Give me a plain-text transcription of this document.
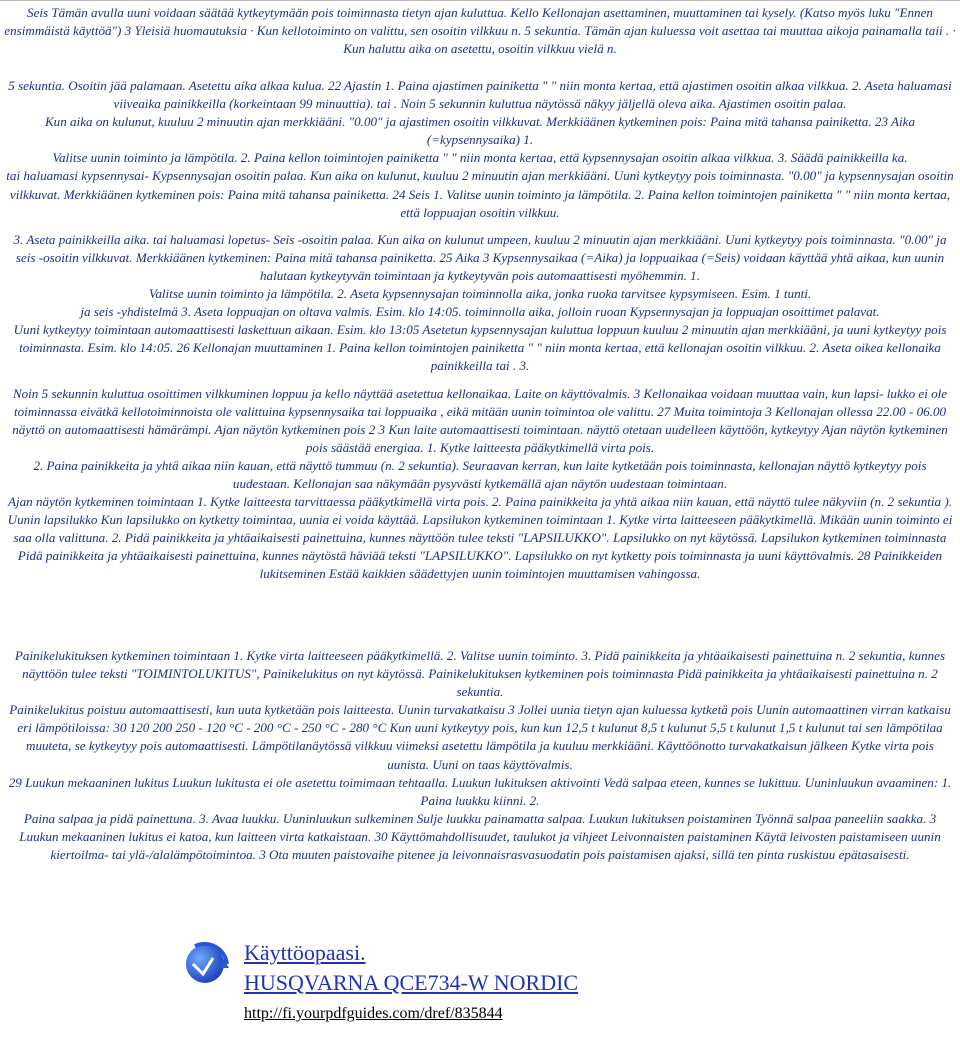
Seis Tämän avulla uuni voidaan säätää kytkeytymään pois toiminnasta tietyn ajan kuluttua. Kello Kellonajan asettaminen, muuttaminen tai kysely. (Katso myös luku "Ennen ensimmäistä käyttöä") 3 Yleisiä huomautuksia · Kun kellotoiminto on valittu, sen osoitin vilkkuu n. 5 sekuntia. Tämän ajan kuluessa voit asettaa tai muuttaa aikoja painamalla taii . · Kun haluttu aika on asetettu, osoitin vilkkuu vielä n.

5 sekuntia. Osoitin jää palamaan. Asetettu aika alkaa kulua. 22 Ajastin 1. Paina ajastimen painiketta " " niin monta kertaa, että ajastimen osoitin alkaa vilkkua. 2. Aseta haluamasi viiveaika painikkeilla (korkeintaan 99 minuuttia). tai . Noin 5 sekunnin kuluttua näytössä näkyy jäljellä oleva aika. Ajastimen osoitin palaa.

Kun aika on kulunut, kuuluu 2 minuutin ajan merkkiääni. "0.00" ja ajastimen osoitin vilkkuvat. Merkkiäänen kytkeminen pois: Paina mitä tahansa painiketta. 23 Aika (=kypsennysaika) 1.

Valitse uunin toiminto ja lämpötila. 2. Paina kellon toimintojen painiketta " " niin monta kertaa, että kypsennysajan osoitin alkaa vilkkua. 3. Säädä painikkeilla ka.

tai haluamasi kypsennysai- Kypsennysajan osoitin palaa. Kun aika on kulunut, kuuluu 2 minuutin ajan merkkiääni. Uuni kytkeytyy pois toiminnasta. "0.00" ja kypsennysajan osoitin vilkkuvat. Merkkiäänen kytkeminen pois: Paina mitä tahansa painiketta. 24 Seis 1. Valitse uunin toiminto ja lämpötila. 2. Paina kellon toimintojen painiketta " " niin monta kertaa, että loppuajan osoitin vilkkuu.

3. Aseta painikkeilla aika. tai haluamasi lopetus- Seis -osoitin palaa. Kun aika on kulunut umpeen, kuuluu 2 minuutin ajan merkkiääni. Uuni kytkeytyy pois toiminnasta. "0.00" ja seis -osoitin vilkkuvat. Merkkiäänen kytkeminen: Paina mitä tahansa painiketta. 25 Aika 3 Kypsennysaikaa (=Aika) ja loppuaikaa (=Seis) voidaan käyttää yhtä aikaa, kun uunin halutaan kytkeytyvän toimintaan ja kytkeytyvän pois automaattisesti myöhemmin. 1.

Valitse uunin toiminto ja lämpötila. 2. Aseta kypsennysajan toiminnolla aika, jonka ruoka tarvitsee kypsymiseen. Esim. 1 tunti.

ja seis -yhdistelmä 3. Aseta loppuajan on oltava valmis. Esim. klo 14:05. toiminnolla aika, jolloin ruoan Kypsennysajan ja loppuajan osoittimet palavat.

Uuni kytkeytyy toimintaan automaattisesti laskettuun aikaan. Esim. klo 13:05 Asetetun kypsennysajan kuluttua loppuun kuuluu 2 minuutin ajan merkkiääni, ja uuni kytkeytyy pois toiminnasta. Esim. klo 14:05. 26 Kellonajan muuttaminen 1. Paina kellon toimintojen painiketta " " niin monta kertaa, että kellonajan osoitin vilkkuu. 2. Aseta oikea kellonaika painikkeilla tai . 3.

Noin 5 sekunnin kuluttua osoittimen vilkkuminen loppuu ja kello näyttää asetettua kellonaikaa. Laite on käyttövalmis. 3 Kellonaikaa voidaan muuttaa vain, kun lapsi- lukko ei ole toiminnassa eivätkä kellotoiminnoista ole valittuina kypsennysaika tai loppuaika , eikä mitään uunin toimintoa ole valittu. 27 Muita toimintoja 3 Kellonajan ollessa 22.00 - 06.00 näyttö on automaattisesti hämärämpi. Ajan näytön kytkeminen pois 2 3 Kun laite automaattisesti toimintaan. näyttö otetaan uudelleen käyttöön, kytkeytyy Ajan näytön kytkeminen pois säästää energiaa. 1. Kytke laitteesta pääkytkimellä virta pois.

2. Paina painikkeita ja yhtä aikaa niin kauan, että näyttö tummuu (n. 2 sekuntia). Seuraavan kerran, kun laite kytketään pois toiminnasta, kellonajan näyttö kytkeytyy pois uudestaan. Kellonajan saa näkymään pysyvästi kytkemällä ajan näytön uudestaan toimintaan.

Ajan näytön kytkeminen toimintaan 1. Kytke laitteesta tarvittaessa pääkytkimellä virta pois. 2. Paina painikkeita ja yhtä aikaa niin kauan, että näyttö tulee näkyviin (n. 2 sekuntia ).

Uunin lapsilukko Kun lapsilukko on kytketty toimintaa, uunia ei voida käyttää. Lapsilukon kytkeminen toimintaan 1. Kytke virta laitteeseen pääkytkimellä. Mikään uunin toiminto ei saa olla valittuna. 2. Pidä painikkeita ja yhtäaikaisesti painettuina, kunnes näyttöön tulee teksti "LAPSILUKKO". Lapsilukko on nyt käytössä. Lapsilukon kytkeminen toiminnasta Pidä painikkeita ja yhtäaikaisesti painettuina, kunnes näytöstä häviää teksti "LAPSILUKKO". Lapsilukko on nyt kytketty pois toiminnasta ja uuni käyttövalmis. 28 Painikkeiden lukitseminen Estää kaikkien säädettyjen uunin toimintojen muuttamisen vahingossa.

Painikelukituksen kytkeminen toimintaan 1. Kytke virta laitteeseen pääkytkimellä. 2. Valitse uunin toiminto. 3. Pidä painikkeita ja yhtäaikaisesti painettuina n. 2 sekuntia, kunnes näyttöön tulee teksti "TOIMINTOLUKITUS", Painikelukitus on nyt käytössä. Painikelukituksen kytkeminen pois toiminnasta Pidä painikkeita ja yhtäaikaisesti painettuina n. 2 sekuntia.

Painikelukitus poistuu automaattisesti, kun uuta kytketään pois laitteesta. Uunin turvakatkaisu 3 Jollei uunia tietyn ajan kuluessa kytketä pois Uunin automaattinen virran katkaisu eri lämpötiloissa: 30 120 200 250 - 120 °C - 200 °C - 250 °C - 280 °C Kun uuni kytkeytyy pois, kun kun 12,5 t kulunut 8,5 t kulunut 5,5 t kulunut 1,5 t kulunut tai sen lämpötilaa muuteta, se kytkeytyy pois automaattisesti. Lämpötilanäytössä vilkkuu viimeksi asetettu lämpötila ja kuuluu merkkiääni. Käyttöönotto turvakatkaisun jälkeen Kytke virta pois uunista. Uuni on taas käyttövalmis.

29 Luukun mekaaninen lukitus Luukun lukitusta ei ole asetettu toimimaan tehtaalla. Luukun lukituksen aktivointi Vedä salpaa eteen, kunnes se lukittuu. Uuninluukun avaaminen: 1. Paina luukku kiinni. 2.

Paina salpaa ja pidä painettuna. 3. Avaa luukku. Uuninluukun sulkeminen Sulje luukku painamatta salpaa. Luukun lukituksen poistaminen Työnnä salpaa paneeliin saakka. 3 Luukun mekaaninen lukitus ei katoa, kun laitteen virta katkaistaan. 30 Käyttömahdollisuudet, taulukot ja vihjeet Leivonnaisten paistaminen Käytä leivosten paistamiseen uunin kiertoilma- tai ylä-/alalämpötoimintoa. 3 Ota muuten paistovaihe pitenee ja leivonnaisrasvasuodatin pois paistamisen ajaksi, sillä ten pinta ruskistuu epätasaisesti.

Käyttöopaasi.
HUSQVARNA QCE734-W NORDIC
http://fi.yourpdfguides.com/dref/835844
